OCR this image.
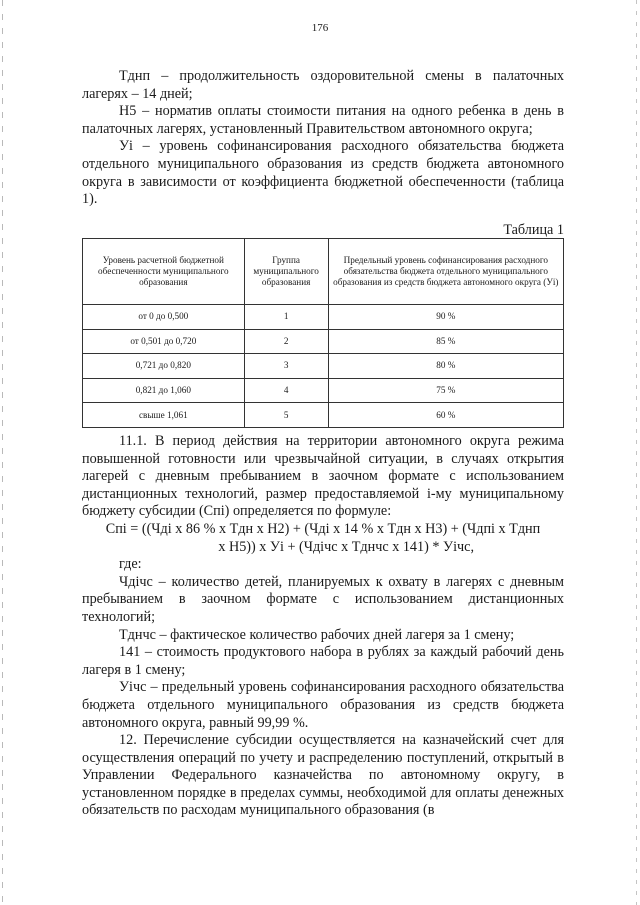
176

Тднп – продолжительность оздоровительной смены в палаточных лагерях – 14 дней;

Н5 – норматив оплаты стоимости питания на одного ребенка в день в палаточных лагерях, установленный Правительством автономного округа;

Уi – уровень софинансирования расходного обязательства бюджета отдельного муниципального образования из средств бюджета автономного округа в зависимости от коэффициента бюджетной обеспеченности (таблица 1).

Таблица 1
Уровень расчетной бюджетной обеспеченности муниципального образования	Группа муниципального образования	Предельный уровень софинансирования расходного обязательства бюджета отдельного муниципального образования из средств бюджета автономного округа (Уi)
от 0 до 0,500	1	90 %
от 0,501 до 0,720	2	85 %
0,721 до 0,820	3	80 %
0,821 до 1,060	4	75 %
свыше 1,061	5	60 %

11.1. В период действия на территории автономного округа режима повышенной готовности или чрезвычайной ситуации, в случаях открытия лагерей с дневным пребыванием в заочном формате с использованием дистанционных технологий, размер предоставляемой i-му муниципальному бюджету субсидии (Спi) определяется по формуле:

Спi = ((Чдi х 86 % х Тдн х Н2) + (Чдi х 14 % х Тдн х Н3) + (Чдпi х Тднп

х Н5)) х Уi + (Чдiчс х Тднчс х 141) * Уiчс,

где:

Чдiчс – количество детей, планируемых к охвату в лагерях с дневным пребыванием в заочном формате с использованием дистанционных технологий;

Тднчс – фактическое количество рабочих дней лагеря за 1 смену;

141 – стоимость продуктового набора в рублях за каждый рабочий день лагеря в 1 смену;

Уiчс – предельный уровень софинансирования расходного обязательства бюджета отдельного муниципального образования из средств бюджета автономного округа, равный 99,99 %.

12. Перечисление субсидии осуществляется на казначейский счет для осуществления операций по учету и распределению поступлений, открытый в Управлении Федерального казначейства по автономному округу, в установленном порядке в пределах суммы, необходимой для оплаты денежных обязательств по расходам муниципального образования (в
